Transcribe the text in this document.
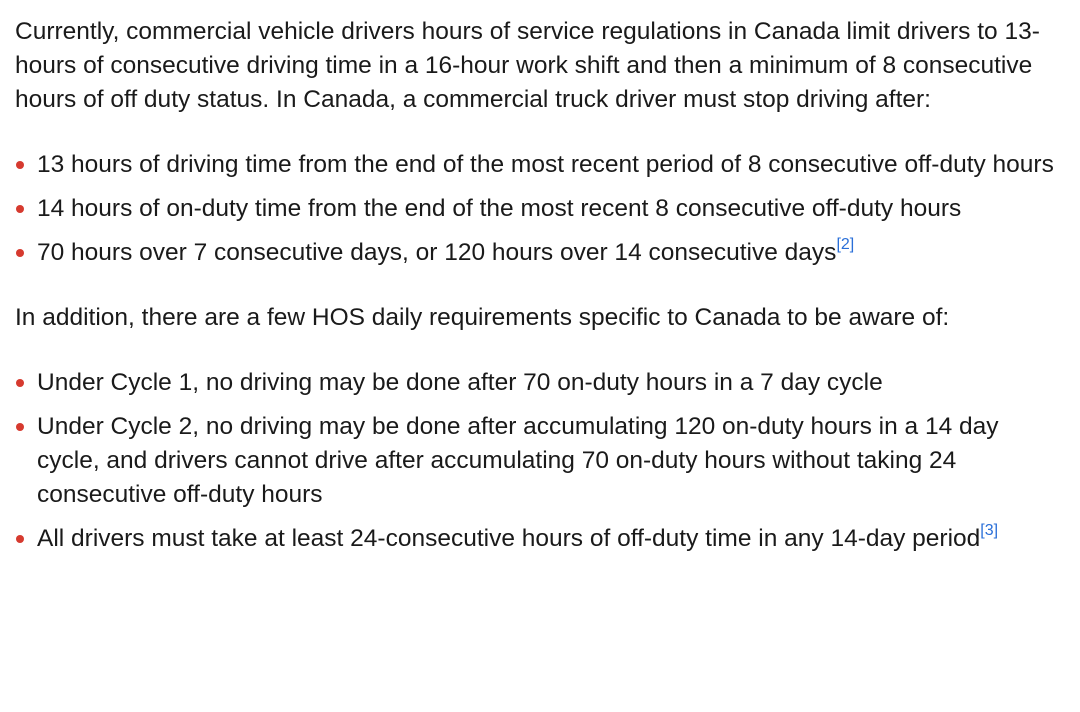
Currently, commercial vehicle drivers hours of service regulations in Canada limit drivers to 13-hours of consecutive driving time in a 16-hour work shift and then a minimum of 8 consecutive hours of off duty status. In Canada, a commercial truck driver must stop driving after:

13 hours of driving time from the end of the most recent period of 8 consecutive off-duty hours
14 hours of on-duty time from the end of the most recent 8 consecutive off-duty hours
70 hours over 7 consecutive days, or 120 hours over 14 consecutive days[2]

In addition, there are a few HOS daily requirements specific to Canada to be aware of:

Under Cycle 1, no driving may be done after 70 on-duty hours in a 7 day cycle
Under Cycle 2, no driving may be done after accumulating 120 on-duty hours in a 14 day cycle, and drivers cannot drive after accumulating 70 on-duty hours without taking 24 consecutive off-duty hours
All drivers must take at least 24-consecutive hours of off-duty time in any 14-day period[3]
